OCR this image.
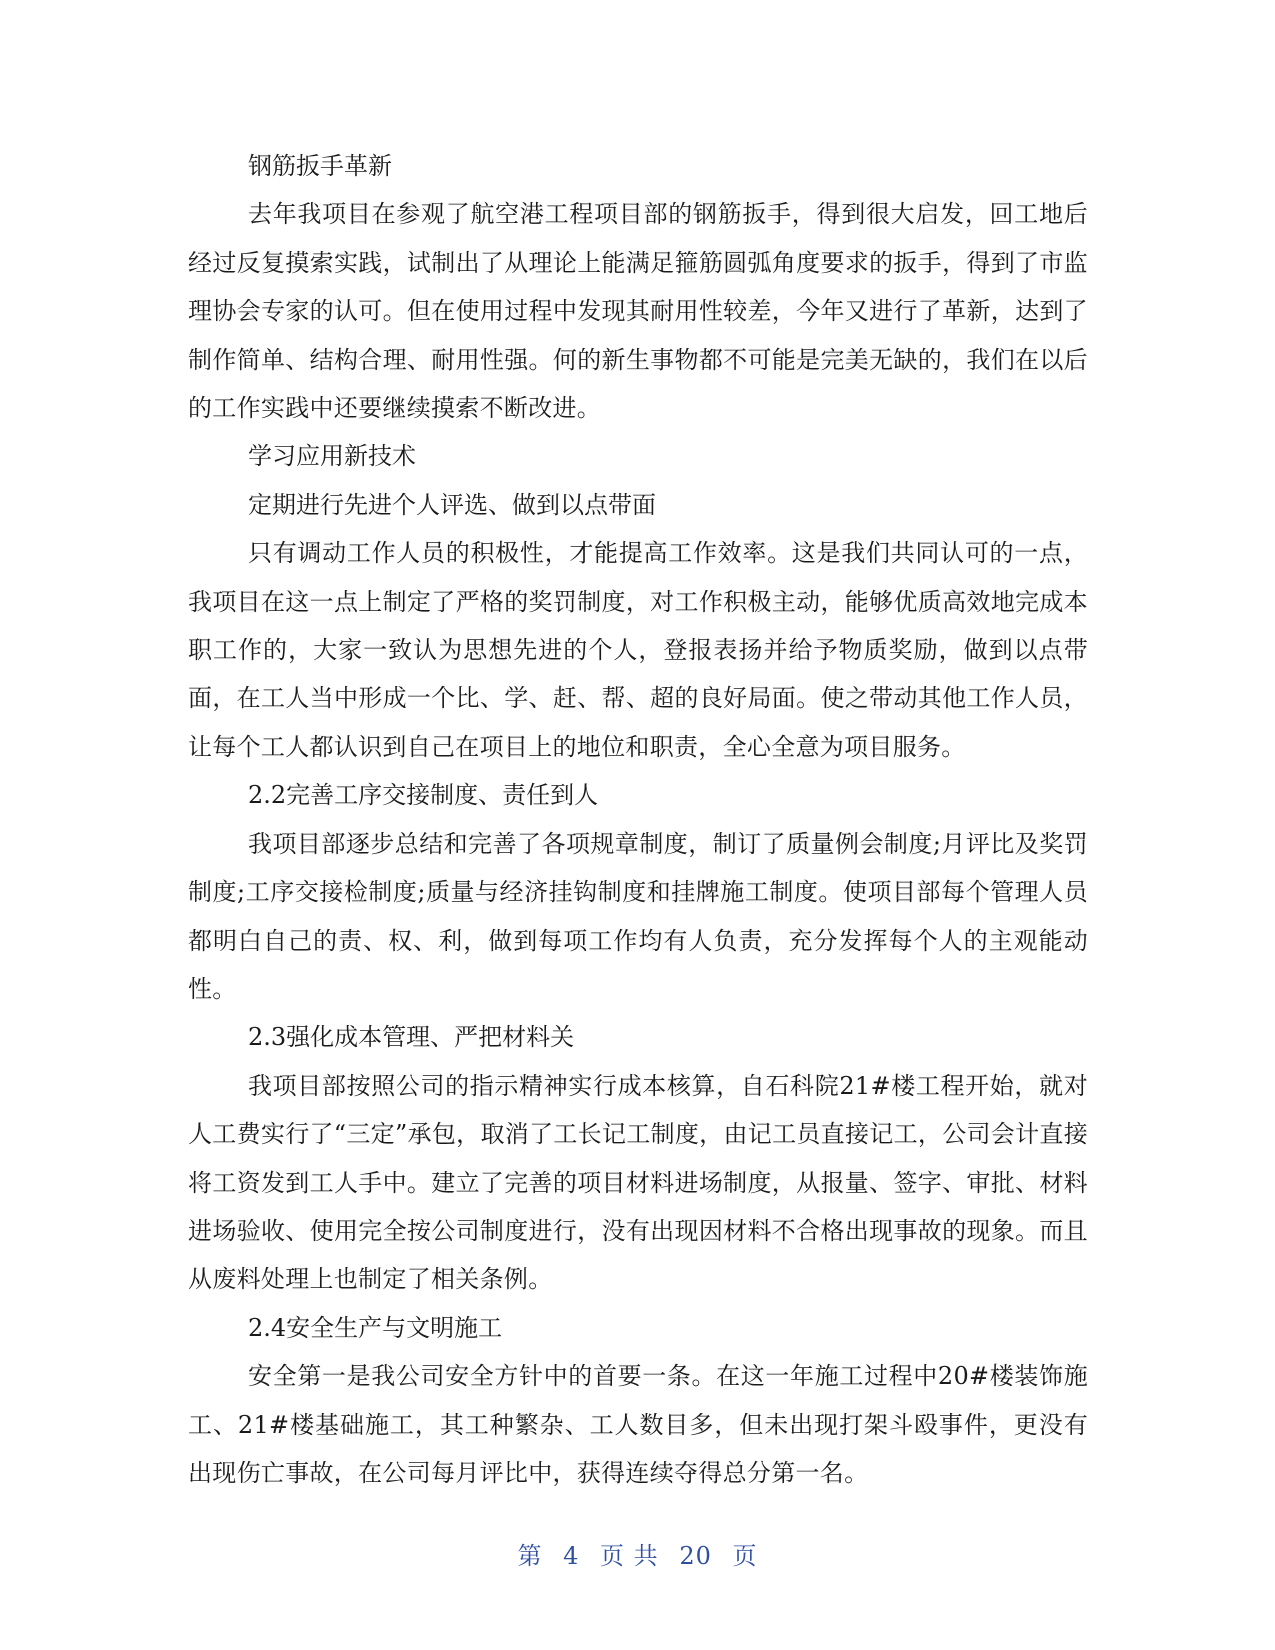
钢筋扳手革新

去年我项目在参观了航空港工程项目部的钢筋扳手，得到很大启发，回工地后经过反复摸索实践，试制出了从理论上能满足箍筋圆弧角度要求的扳手，得到了市监理协会专家的认可。但在使用过程中发现其耐用性较差，今年又进行了革新，达到了制作简单、结构合理、耐用性强。何的新生事物都不可能是完美无缺的，我们在以后的工作实践中还要继续摸索不断改进。

学习应用新技术

定期进行先进个人评选、做到以点带面

只有调动工作人员的积极性，才能提高工作效率。这是我们共同认可的一点，我项目在这一点上制定了严格的奖罚制度，对工作积极主动，能够优质高效地完成本职工作的，大家一致认为思想先进的个人，登报表扬并给予物质奖励，做到以点带面，在工人当中形成一个比、学、赶、帮、超的良好局面。使之带动其他工作人员，让每个工人都认识到自己在项目上的地位和职责，全心全意为项目服务。

2.2完善工序交接制度、责任到人

我项目部逐步总结和完善了各项规章制度，制订了质量例会制度;月评比及奖罚制度;工序交接检制度;质量与经济挂钩制度和挂牌施工制度。使项目部每个管理人员都明白自己的责、权、利，做到每项工作均有人负责，充分发挥每个人的主观能动性。

2.3强化成本管理、严把材料关

我项目部按照公司的指示精神实行成本核算，自石科院21#楼工程开始，就对人工费实行了“三定”承包，取消了工长记工制度，由记工员直接记工，公司会计直接将工资发到工人手中。建立了完善的项目材料进场制度，从报量、签字、审批、材料进场验收、使用完全按公司制度进行，没有出现因材料不合格出现事故的现象。而且从废料处理上也制定了相关条例。

2.4安全生产与文明施工

安全第一是我公司安全方针中的首要一条。在这一年施工过程中20#楼装饰施工、21#楼基础施工，其工种繁杂、工人数目多，但未出现打架斗殴事件，更没有出现伤亡事故，在公司每月评比中，获得连续夺得总分第一名。

第 4 页 共 20 页
